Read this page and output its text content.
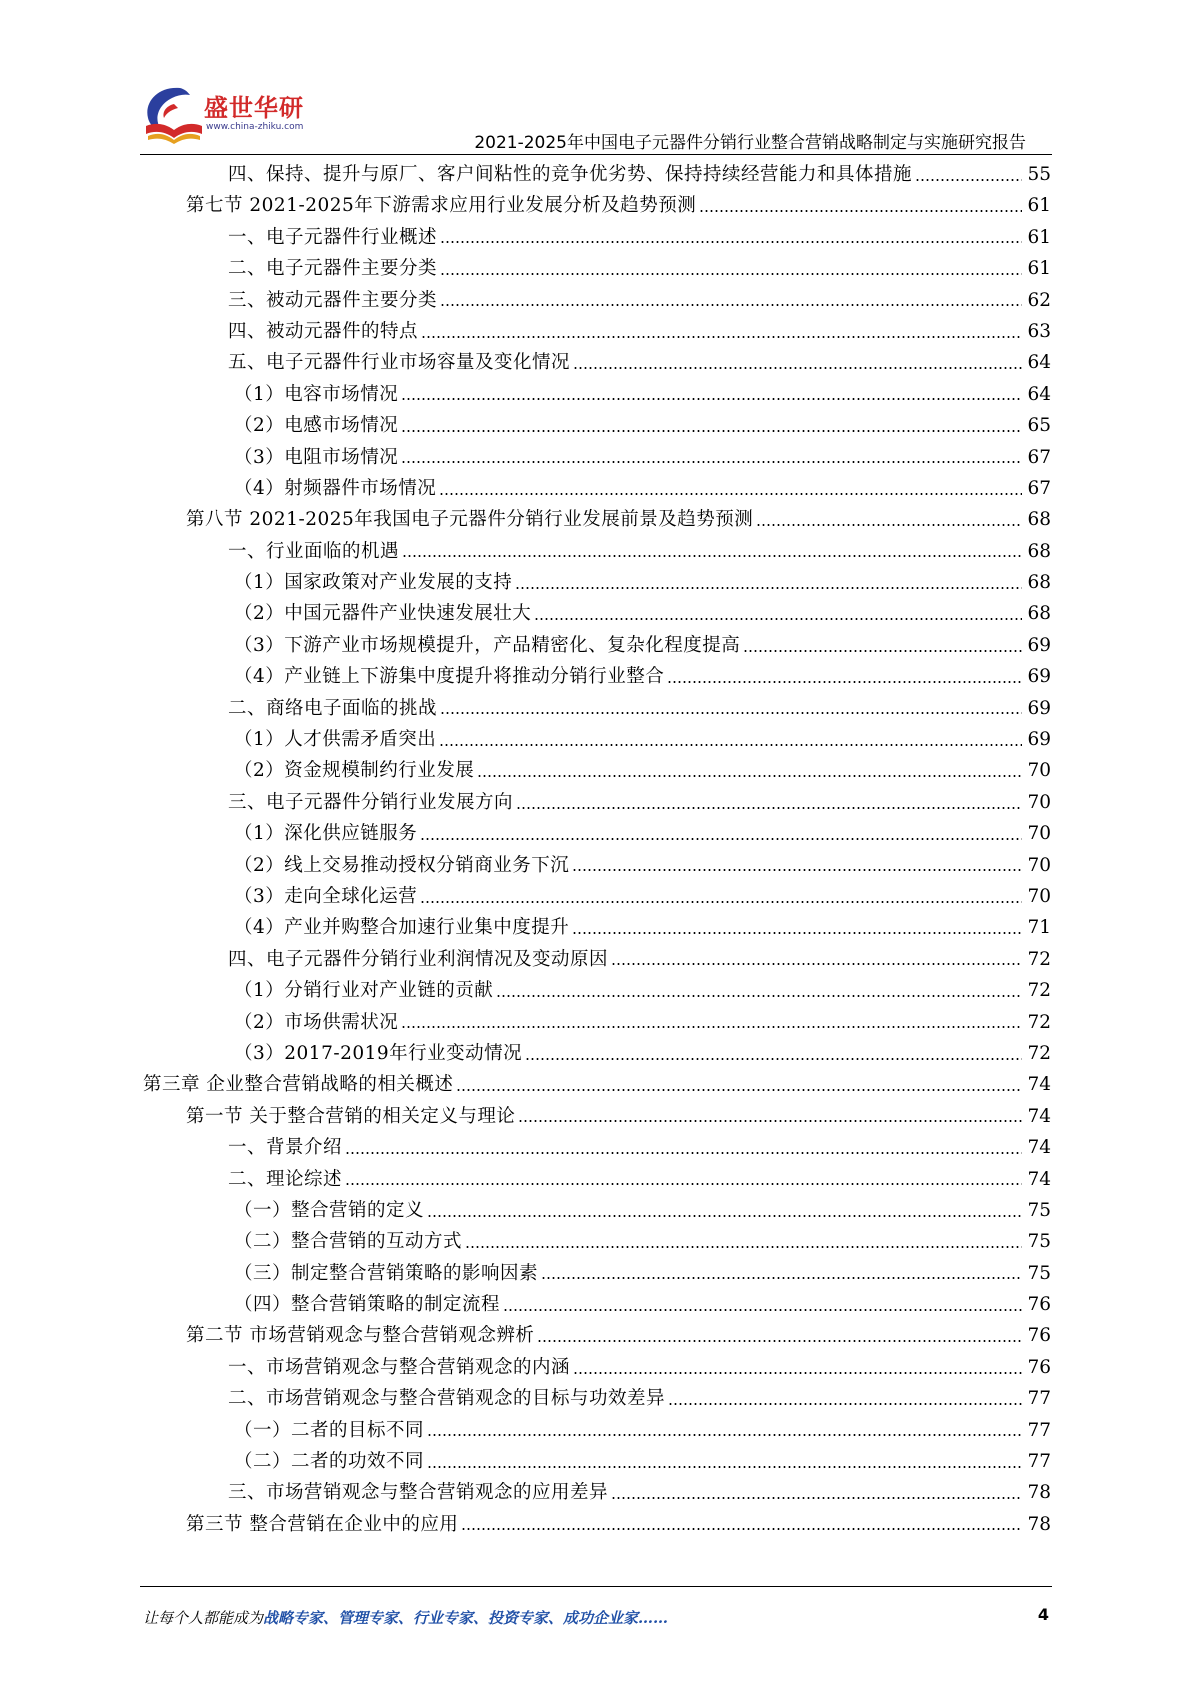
盛世华研
www.china-zhiku.com
2021-2025年中国电子元器件分销行业整合营销战略制定与实施研究报告
四、保持、提升与原厂、客户间粘性的竞争优劣势、保持持续经营能力和具体措施	55
第七节 2021-2025年下游需求应用行业发展分析及趋势预测	61
一、电子元器件行业概述	61
二、电子元器件主要分类	61
三、被动元器件主要分类	62
四、被动元器件的特点	63
五、电子元器件行业市场容量及变化情况	64
（1）电容市场情况	64
（2）电感市场情况	65
（3）电阻市场情况	67
（4）射频器件市场情况	67
第八节 2021-2025年我国电子元器件分销行业发展前景及趋势预测	68
一、行业面临的机遇	68
（1）国家政策对产业发展的支持	68
（2）中国元器件产业快速发展壮大	68
（3）下游产业市场规模提升，产品精密化、复杂化程度提高	69
（4）产业链上下游集中度提升将推动分销行业整合	69
二、商络电子面临的挑战	69
（1）人才供需矛盾突出	69
（2）资金规模制约行业发展	70
三、电子元器件分销行业发展方向	70
（1）深化供应链服务	70
（2）线上交易推动授权分销商业务下沉	70
（3）走向全球化运营	70
（4）产业并购整合加速行业集中度提升	71
四、电子元器件分销行业利润情况及变动原因	72
（1）分销行业对产业链的贡献	72
（2）市场供需状况	72
（3）2017-2019年行业变动情况	72
第三章 企业整合营销战略的相关概述	74
第一节 关于整合营销的相关定义与理论	74
一、背景介绍	74
二、理论综述	74
（一）整合营销的定义	75
（二）整合营销的互动方式	75
（三）制定整合营销策略的影响因素	75
（四）整合营销策略的制定流程	76
第二节 市场营销观念与整合营销观念辨析	76
一、市场营销观念与整合营销观念的内涵	76
二、市场营销观念与整合营销观念的目标与功效差异	77
（一）二者的目标不同	77
（二）二者的功效不同	77
三、市场营销观念与整合营销观念的应用差异	78
第三节 整合营销在企业中的应用	78
让每个人都能成为战略专家、管理专家、行业专家、投资专家、成功企业家……	4
